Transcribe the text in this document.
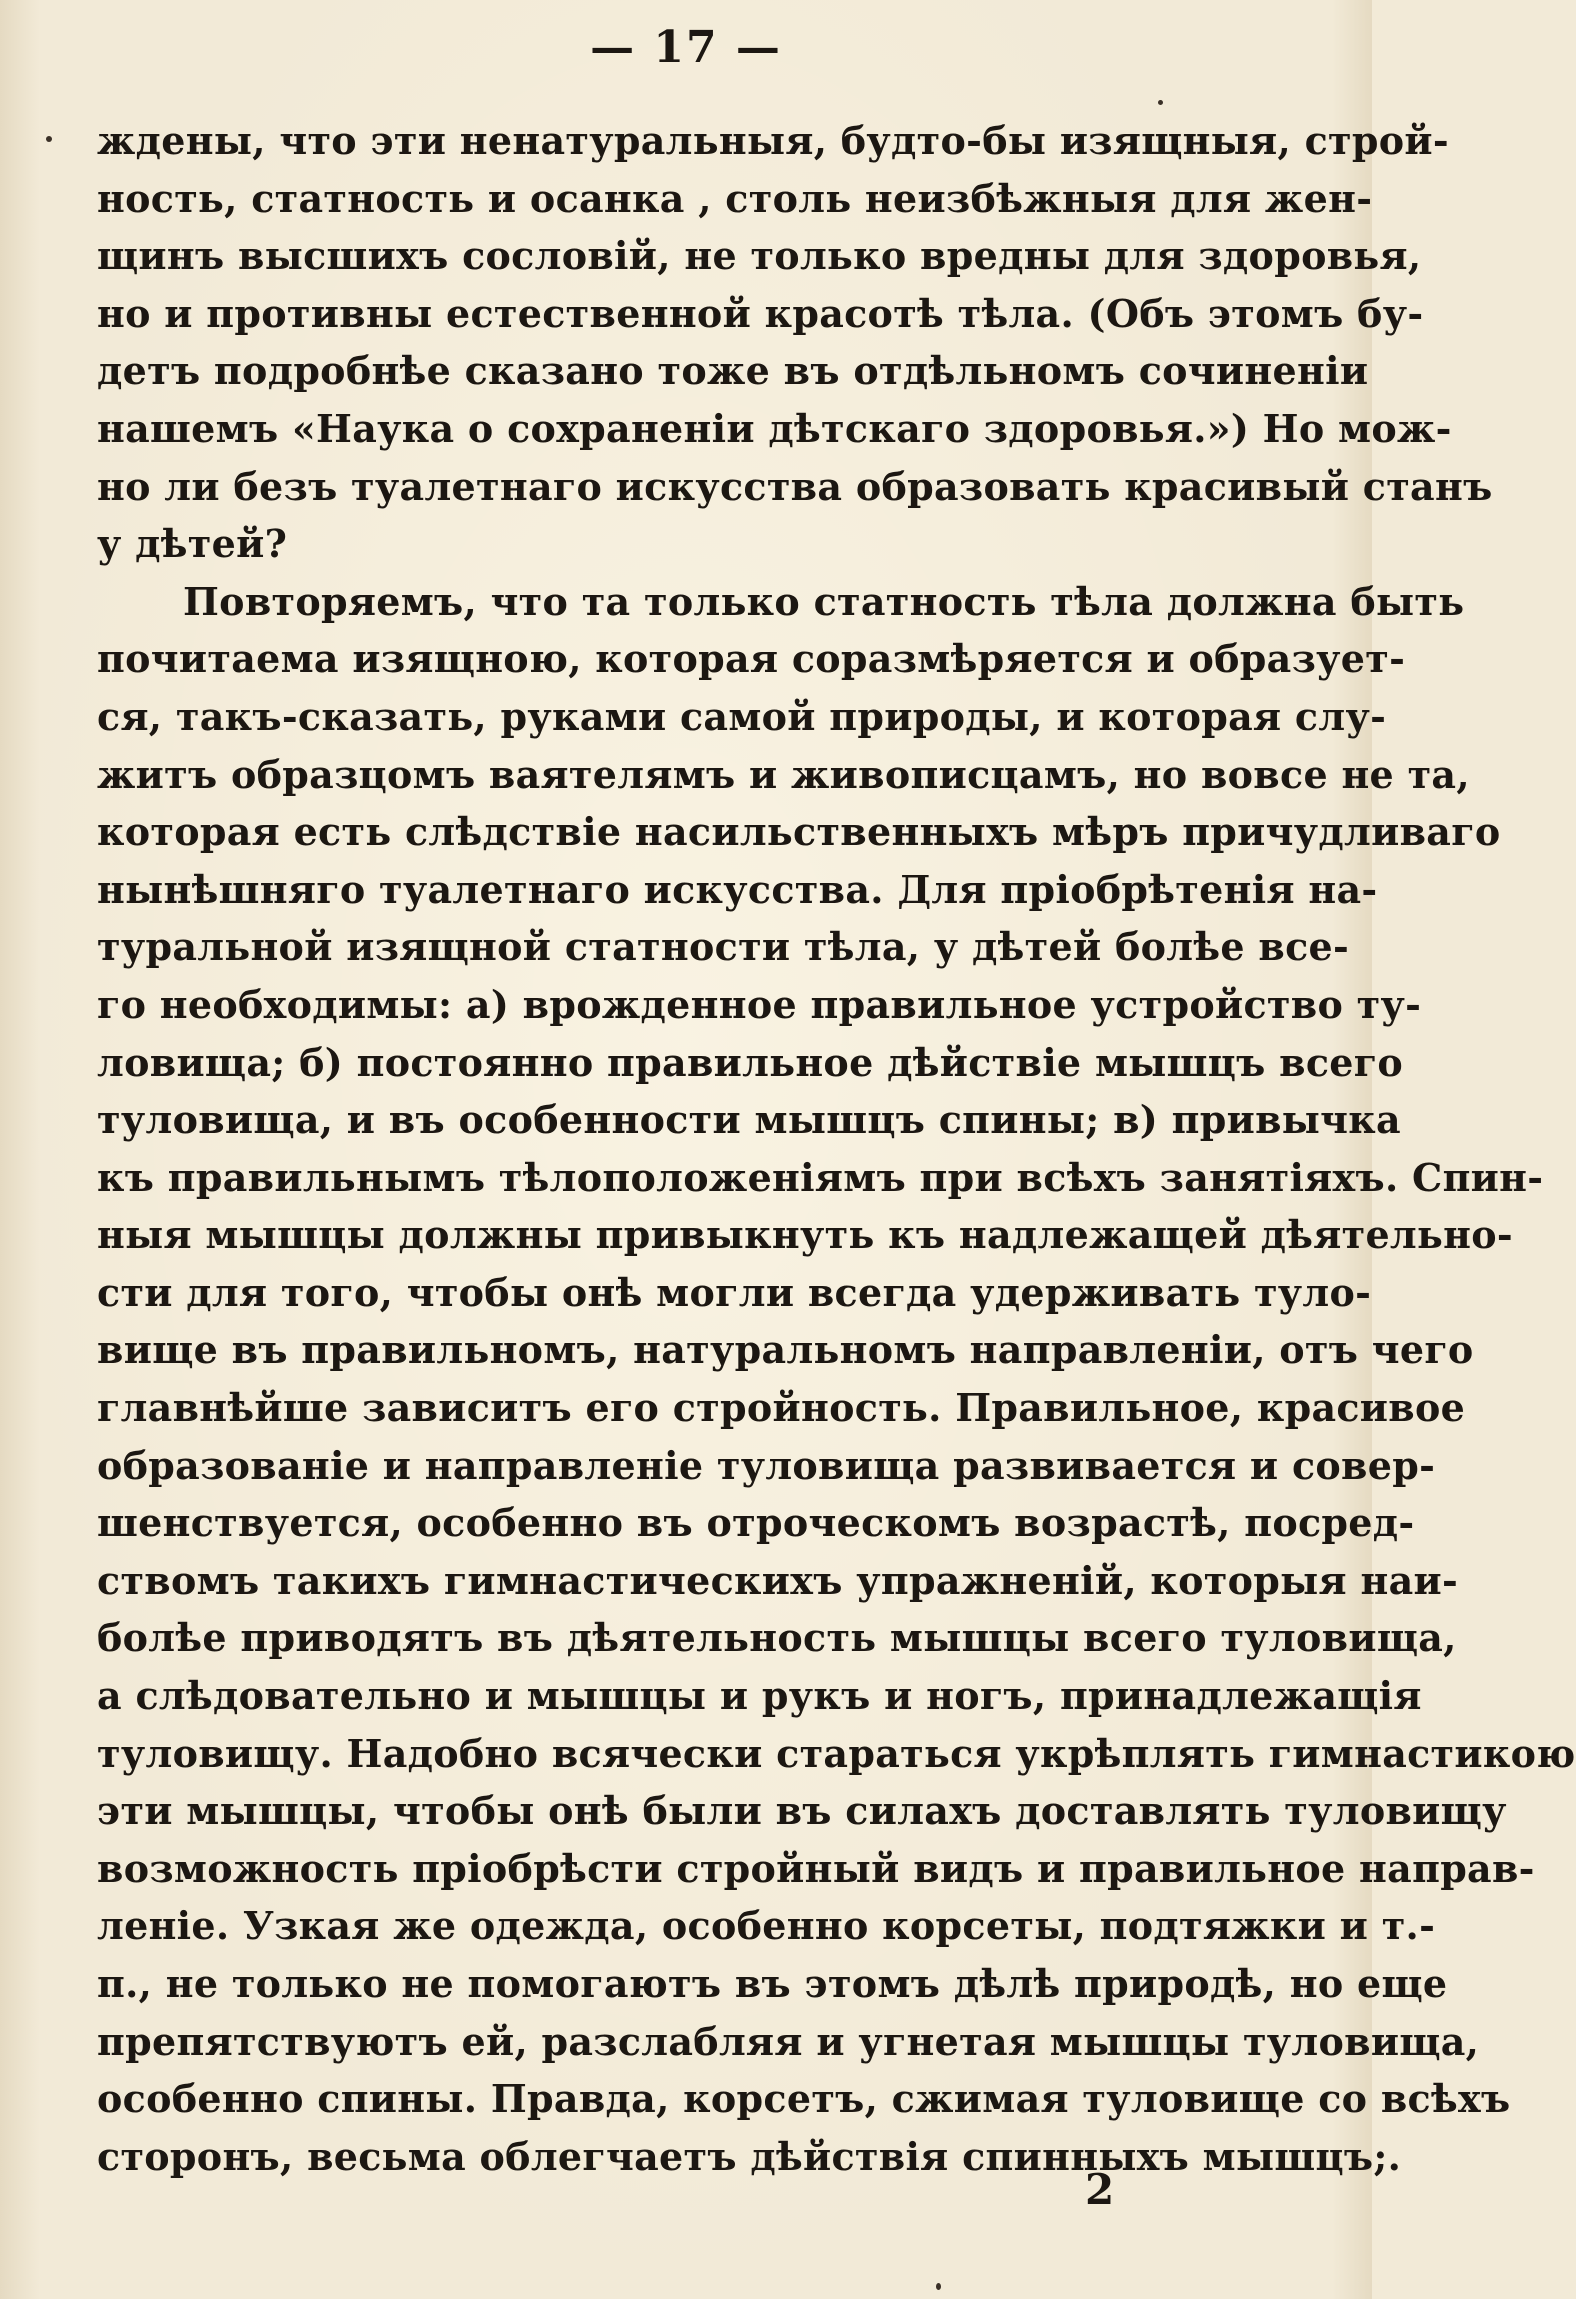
— 17 —
ждены, что эти ненатуральныя, будто-бы изящныя, строй-
ность, статность и осанка , столь неизбѣжныя для жен-
щинъ высшихъ сословій, не только вредны для здоровья,
но и противны естественной красотѣ тѣла. (Объ этомъ бу-
детъ подробнѣе сказано тоже въ отдѣльномъ сочиненіи
нашемъ «Наука о сохраненіи дѣтскаго здоровья.») Но мож-
но ли безъ туалетнаго искусства образовать красивый станъ
у дѣтей?
Повторяемъ, что та только статность тѣла должна быть
почитаема изящною, которая соразмѣряется и образует-
ся, такъ-сказать, руками самой природы, и которая слу-
житъ образцомъ ваятелямъ и живописцамъ, но вовсе не та,
которая есть слѣдствіе насильственныхъ мѣръ причудливаго
нынѣшняго туалетнаго искусства. Для пріобрѣтенія на-
туральной изящной статности тѣла, у дѣтей болѣе все-
го необходимы: а) врожденное правильное устройство ту-
ловища; б) постоянно правильное дѣйствіе мышцъ всего
туловища, и въ особенности мышцъ спины; в) привычка
къ правильнымъ тѣлоположеніямъ при всѣхъ занятіяхъ. Спин-
ныя мышцы должны привыкнуть къ надлежащей дѣятельно-
сти для того, чтобы онѣ могли всегда удерживать туло-
вище въ правильномъ, натуральномъ направленіи, отъ чего
главнѣйше зависитъ его стройность. Правильное, красивое
образованіе и направленіе туловища развивается и совер-
шенствуется, особенно въ отроческомъ возрастѣ, посред-
ствомъ такихъ гимнастическихъ упражненій, которыя наи-
болѣе приводятъ въ дѣятельность мышцы всего туловища,
а слѣдовательно и мышцы и рукъ и ногъ, принадлежащія
туловищу. Надобно всячески стараться укрѣплять гимнастикою
эти мышцы, чтобы онѣ были въ силахъ доставлять туловищу
возможность пріобрѣсти стройный видъ и правильное направ-
леніе. Узкая же одежда, особенно корсеты, подтяжки и т.-
п., не только не помогаютъ въ этомъ дѣлѣ природѣ, но еще
препятствуютъ ей, разслабляя и угнетая мышцы туловища,
особенно спины. Правда, корсетъ, сжимая туловище со всѣхъ
сторонъ, весьма облегчаетъ дѣйствія спинныхъ мышцъ;.
2
